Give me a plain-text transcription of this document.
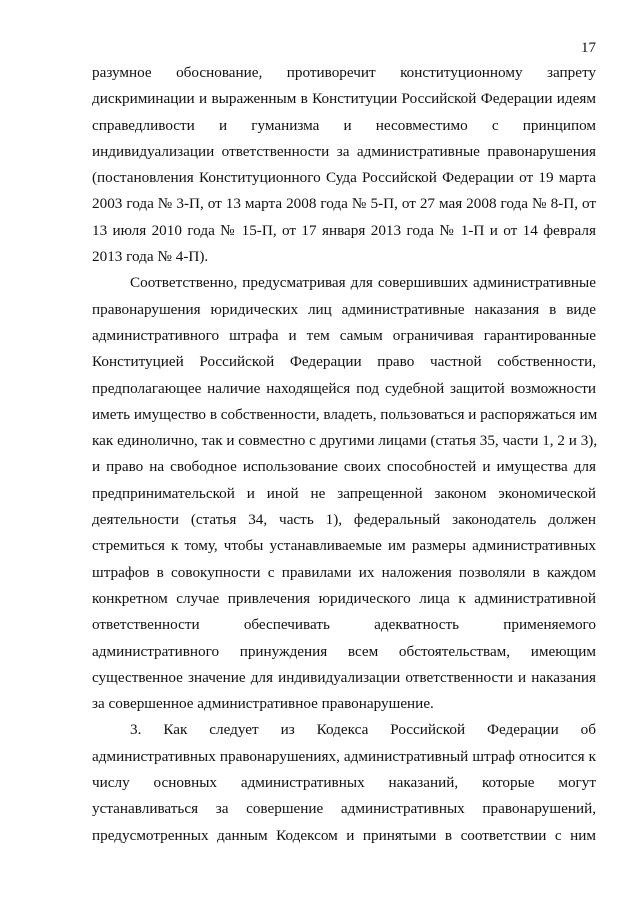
17
разумное обоснование, противоречит конституционному запрету
дискриминации и выраженным в Конституции Российской Федерации идеям
справедливости и гуманизма и несовместимо с принципом
индивидуализации ответственности за административные правонарушения
(постановления Конституционного Суда Российской Федерации от 19 марта
2003 года № 3-П, от 13 марта 2008 года № 5-П, от 27 мая 2008 года № 8-П, от
13 июля 2010 года № 15-П, от 17 января 2013 года № 1-П и от 14 февраля
2013 года № 4-П).
Соответственно, предусматривая для совершивших административные
правонарушения юридических лиц административные наказания в виде
административного штрафа и тем самым ограничивая гарантированные
Конституцией Российской Федерации право частной собственности,
предполагающее наличие находящейся под судебной защитой возможности
иметь имущество в собственности, владеть, пользоваться и распоряжаться им
как единолично, так и совместно с другими лицами (статья 35, части 1, 2 и 3),
и право на свободное использование своих способностей и имущества для
предпринимательской и иной не запрещенной законом экономической
деятельности (статья 34, часть 1), федеральный законодатель должен
стремиться к тому, чтобы устанавливаемые им размеры административных
штрафов в совокупности с правилами их наложения позволяли в каждом
конкретном случае привлечения юридического лица к административной
ответственности обеспечивать адекватность применяемого
административного принуждения всем обстоятельствам, имеющим
существенное значение для индивидуализации ответственности и наказания
за совершенное административное правонарушение.
3. Как следует из Кодекса Российской Федерации об
административных правонарушениях, административный штраф относится к
числу основных административных наказаний, которые могут
устанавливаться за совершение административных правонарушений,
предусмотренных данным Кодексом и принятыми в соответствии с ним
